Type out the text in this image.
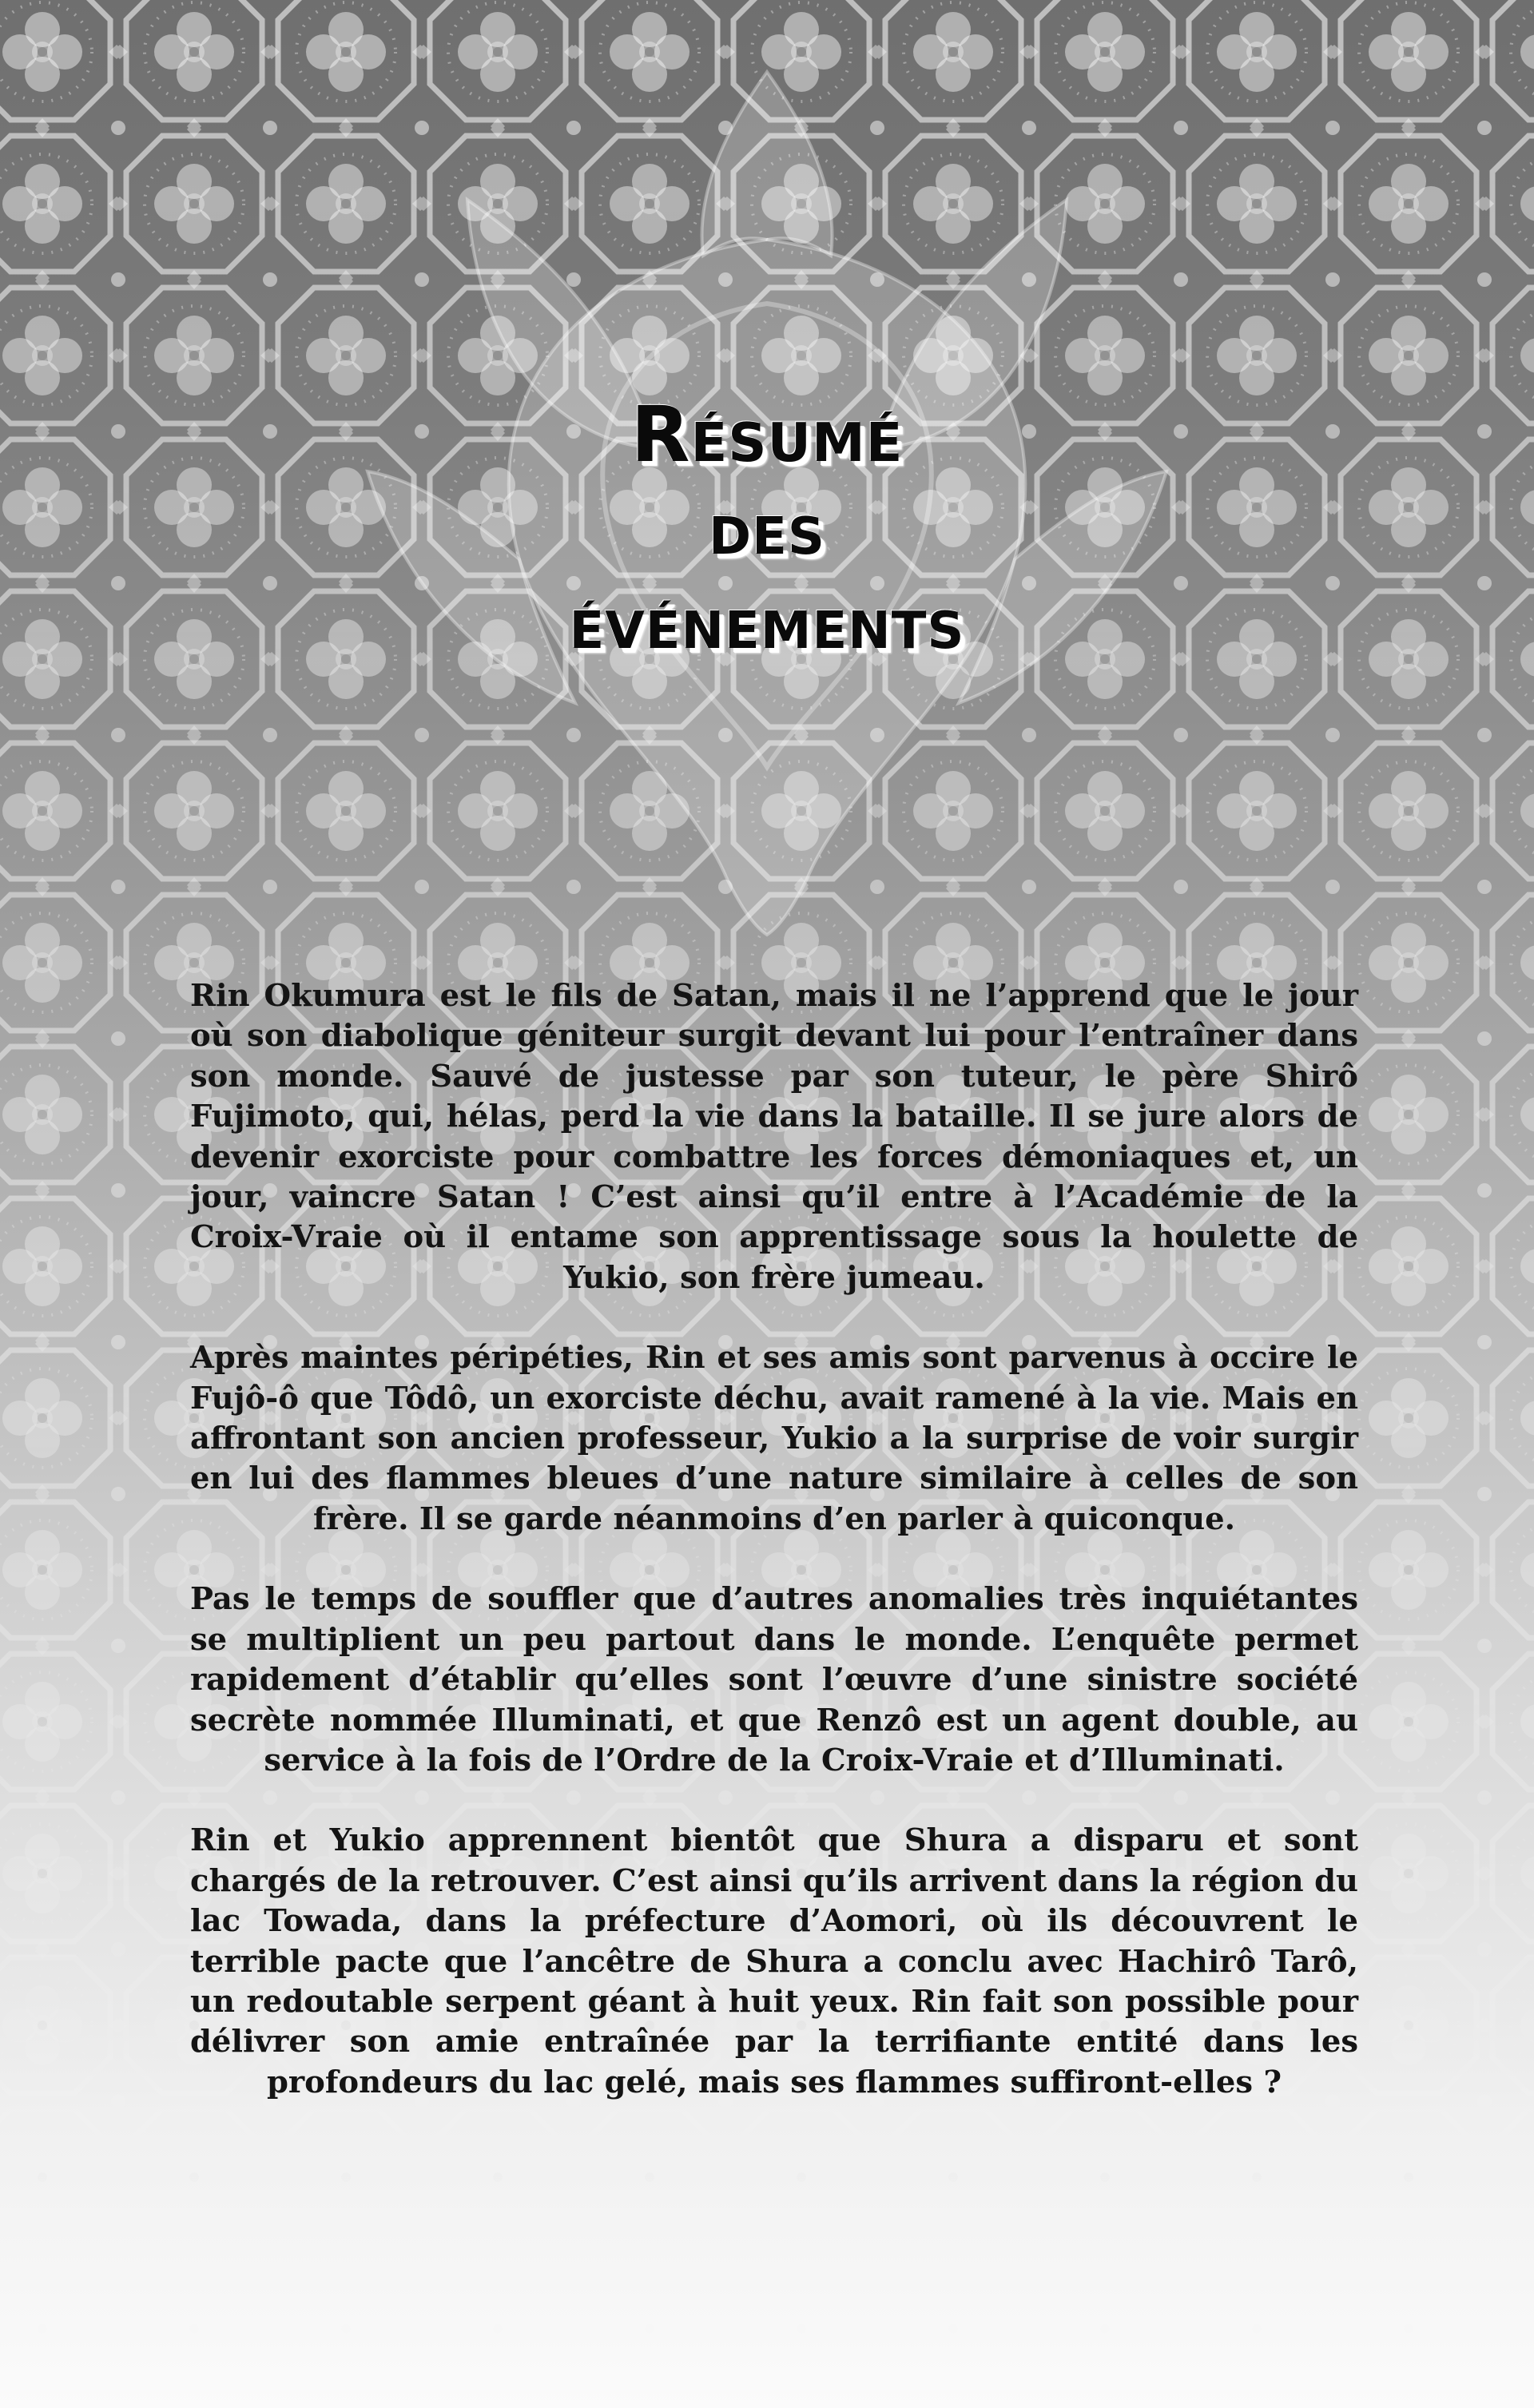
Résumé
des
événements

Rin Okumura est le fils de Satan, mais il ne l’apprend que le jour où son diabolique géniteur surgit devant lui pour l’entraîner dans son monde. Sauvé de justesse par son tuteur, le père Shirô Fujimoto, qui, hélas, perd la vie dans la bataille. Il se jure alors de devenir exorciste pour combattre les forces démoniaques et, un jour, vaincre Satan ! C’est ainsi qu’il entre à l’Académie de la Croix-Vraie où il entame son apprentissage sous la houlette de Yukio, son frère jumeau.

Après maintes péripéties, Rin et ses amis sont parvenus à occire le Fujô-ô que Tôdô, un exorciste déchu, avait ramené à la vie. Mais en affrontant son ancien professeur, Yukio a la surprise de voir surgir en lui des flammes bleues d’une nature similaire à celles de son frère. Il se garde néanmoins d’en parler à quiconque.

Pas le temps de souffler que d’autres anomalies très inquiétantes se multiplient un peu partout dans le monde. L’enquête permet rapidement d’établir qu’elles sont l’œuvre d’une sinistre société secrète nommée Illuminati, et que Renzô est un agent double, au service à la fois de l’Ordre de la Croix-Vraie et d’Illuminati.

Rin et Yukio apprennent bientôt que Shura a disparu et sont chargés de la retrouver. C’est ainsi qu’ils arrivent dans la région du lac Towada, dans la préfecture d’Aomori, où ils découvrent le terrible pacte que l’ancêtre de Shura a conclu avec Hachirô Tarô, un redoutable serpent géant à huit yeux. Rin fait son possible pour délivrer son amie entraînée par la terrifiante entité dans les profondeurs du lac gelé, mais ses flammes suffiront-elles ?
